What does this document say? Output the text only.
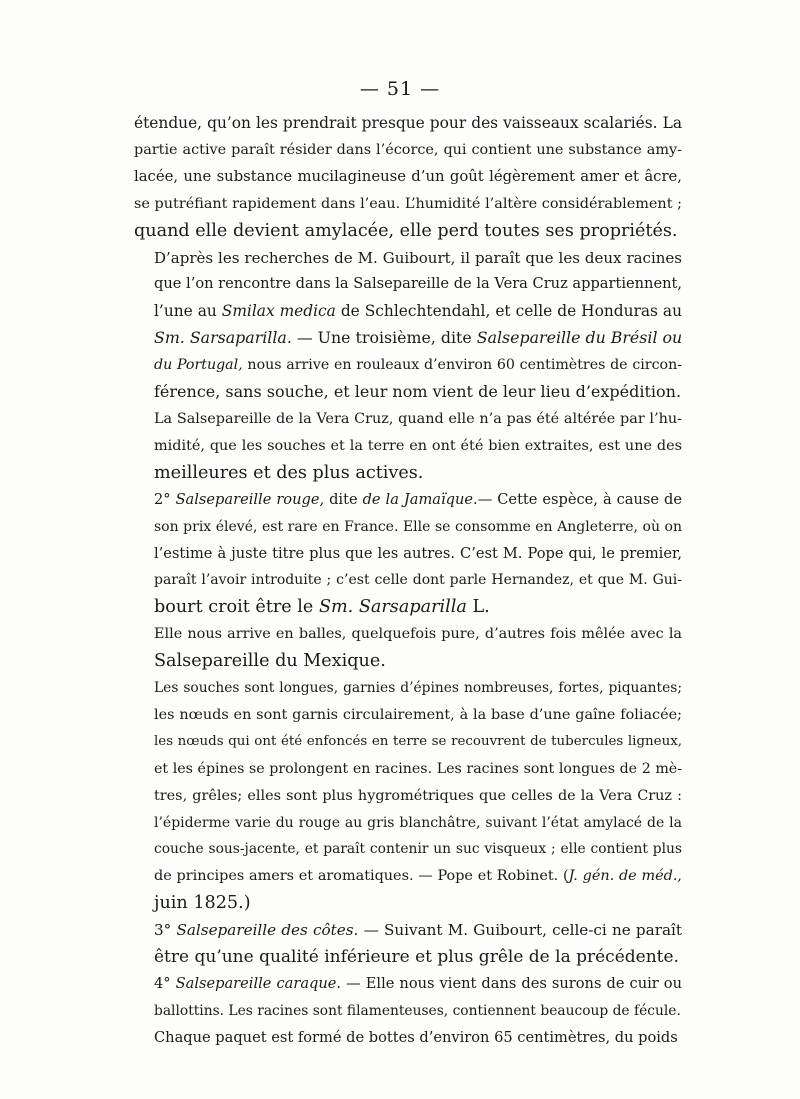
— 51 —

étendue, qu’on les prendrait presque pour des vaisseaux scalariés. La
partie active paraît résider dans l’écorce, qui contient une substance amy-
lacée, une substance mucilagineuse d’un goût légèrement amer et âcre,
se putréfiant rapidement dans l’eau. L’humidité l’altère considérablement ;
quand elle devient amylacée, elle perd toutes ses propriétés.

D’après les recherches de M. Guibourt, il paraît que les deux racines
que l’on rencontre dans la Salsepareille de la Vera Cruz appartiennent,
l’une au Smilax medica de Schlechtendahl, et celle de Honduras au
Sm. Sarsaparilla. — Une troisième, dite Salsepareille du Brésil ou
du Portugal, nous arrive en rouleaux d’environ 60 centimètres de circon-
férence, sans souche, et leur nom vient de leur lieu d’expédition.

La Salsepareille de la Vera Cruz, quand elle n’a pas été altérée par l’hu-
midité, que les souches et la terre en ont été bien extraites, est une des
meilleures et des plus actives.

2° Salsepareille rouge, dite de la Jamaïque.— Cette espèce, à cause de
son prix élevé, est rare en France. Elle se consomme en Angleterre, où on
l’estime à juste titre plus que les autres. C’est M. Pope qui, le premier,
paraît l’avoir introduite ; c’est celle dont parle Hernandez, et que M. Gui-
bourt croit être le Sm. Sarsaparilla L.

Elle nous arrive en balles, quelquefois pure, d’autres fois mêlée avec la
Salsepareille du Mexique.

Les souches sont longues, garnies d’épines nombreuses, fortes, piquantes;
les nœuds en sont garnis circulairement, à la base d’une gaîne foliacée;
les nœuds qui ont été enfoncés en terre se recouvrent de tubercules ligneux,
et les épines se prolongent en racines. Les racines sont longues de 2 mè-
tres, grêles; elles sont plus hygrométriques que celles de la Vera Cruz :
l’épiderme varie du rouge au gris blanchâtre, suivant l’état amylacé de la
couche sous-jacente, et paraît contenir un suc visqueux ; elle contient plus
de principes amers et aromatiques. — Pope et Robinet. (J. gén. de méd.,
juin 1825.)

3° Salsepareille des côtes. — Suivant M. Guibourt, celle-ci ne paraît
être qu’une qualité inférieure et plus grêle de la précédente.

4° Salsepareille caraque. — Elle nous vient dans des surons de cuir ou
ballottins. Les racines sont filamenteuses, contiennent beaucoup de fécule.

Chaque paquet est formé de bottes d’environ 65 centimètres, du poids
